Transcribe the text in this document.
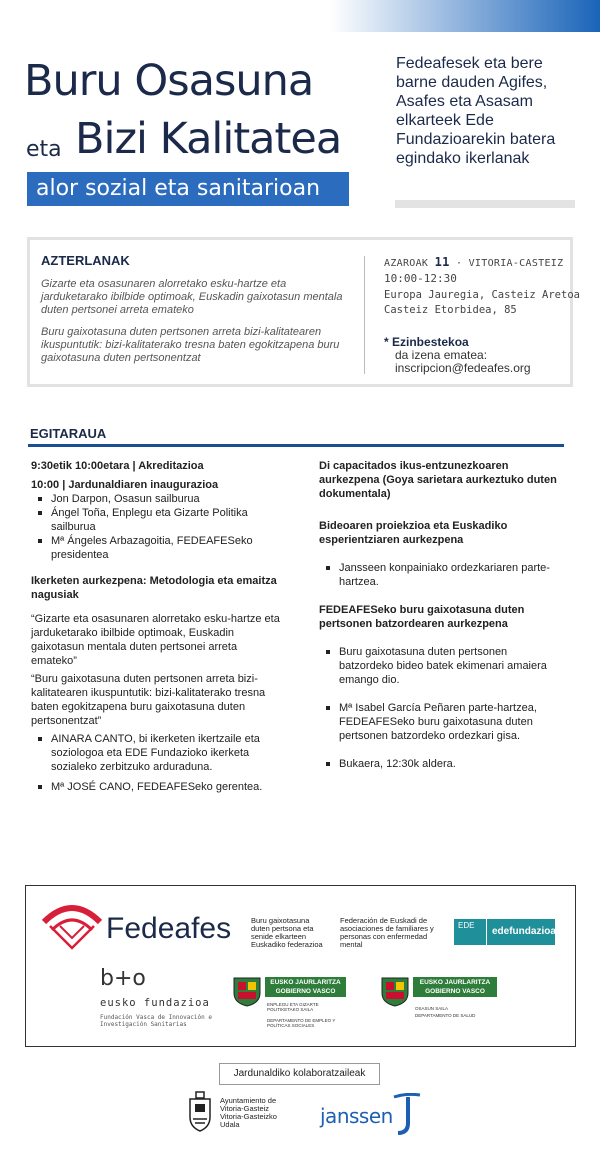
Buru Osasuna
eta Bizi Kalitatea
alor sozial eta sanitarioan
Fedeafesek eta bere barne dauden Agifes, Asafes eta Asasam elkarteek Ede Fundazioarekin batera egindako ikerlanak
AZTERLANAK
Gizarte eta osasunaren alorretako esku-hartze eta jarduketarako ibilbide optimoak, Euskadin gaixotasun mentala duten pertsonei arreta emateko
Buru gaixotasuna duten pertsonen arreta bizi-kalitatearen ikuspuntutik: bizi-kalitaterako tresna baten egokitzapena buru gaixotasuna duten pertsonentzat
AZAROAK 11 · VITORIA-CASTEIZ
10:00-12:30
Europa Jauregia, Casteiz Aretoa
Casteiz Etorbidea, 85
* Ezinbestekoa
da izena ematea:
inscripcion@fedeafes.org
EGITARAUA

9:30etik 10:00etara | Akreditazioa

10:00 | Jardunaldiaren inaugurazioa

Jon Darpon, Osasun sailburua
Ángel Toña, Enplegu eta Gizarte Politika sailburua
Mª Ángeles Arbazagoitia, FEDEAFESeko presidentea

Ikerketen aurkezpena: Metodologia eta emaitza nagusiak

“Gizarte eta osasunaren alorretako esku-hartze eta jarduketarako ibilbide optimoak, Euskadin gaixotasun mentala duten pertsonei arreta emateko”

“Buru gaixotasuna duten pertsonen arreta bizi-kalitatearen ikuspuntutik: bizi-kalitaterako tresna baten egokitzapena buru gaixotasuna duten pertsonentzat”

AINARA CANTO, bi ikerketen ikertzaile eta soziologoa eta EDE Fundazioko ikerketa sozialeko zerbitzuko arduraduna.
Mª JOSÉ CANO, FEDEAFESeko gerentea.

Di capacitados ikus-entzunezkoaren aurkezpena (Goya sarietara aurkeztuko duten dokumentala)

Bideoaren proiekzioa eta Euskadiko esperientziaren aurkezpena

Jansseen konpainiako ordezkariaren parte-hartzea.

FEDEAFESeko buru gaixotasuna duten pertsonen batzordearen aurkezpena

Buru gaixotasuna duten pertsonen batzordeko bideo batek ekimenari amaiera emango dio.
Mª Isabel García Peñaren parte-hartzea, FEDEAFESeko buru gaixotasuna duten pertsonen batzordeko ordezkari gisa.
Bukaera, 12:30k aldera.
Fedeafes	Buru gaixotasuna duten pertsona eta senide elkarteen Euskadiko federazioa
Federación de Euskadi de asociaciones de familiares y personas con enfermedad mental
EDE
edefundazioa
b+o
eusko fundazioa
Fundación Vasca de Innovación e Investigación Sanitarias
EUSKO JAURLARITZA
GOBIERNO VASCO
ENPLEGU ETA GIZARTE POLITIKETAKO SAILA
DEPARTAMENTO DE EMPLEO Y POLÍTICAS SOCIALES
EUSKO JAURLARITZA
GOBIERNO VASCO
OSASUN SAILA
DEPARTAMENTO DE SALUD
Jardunaldiko kolaboratzaileak
Ayuntamiento de Vitoria-Gasteiz Vitoria-Gasteizko Udala	janssen
